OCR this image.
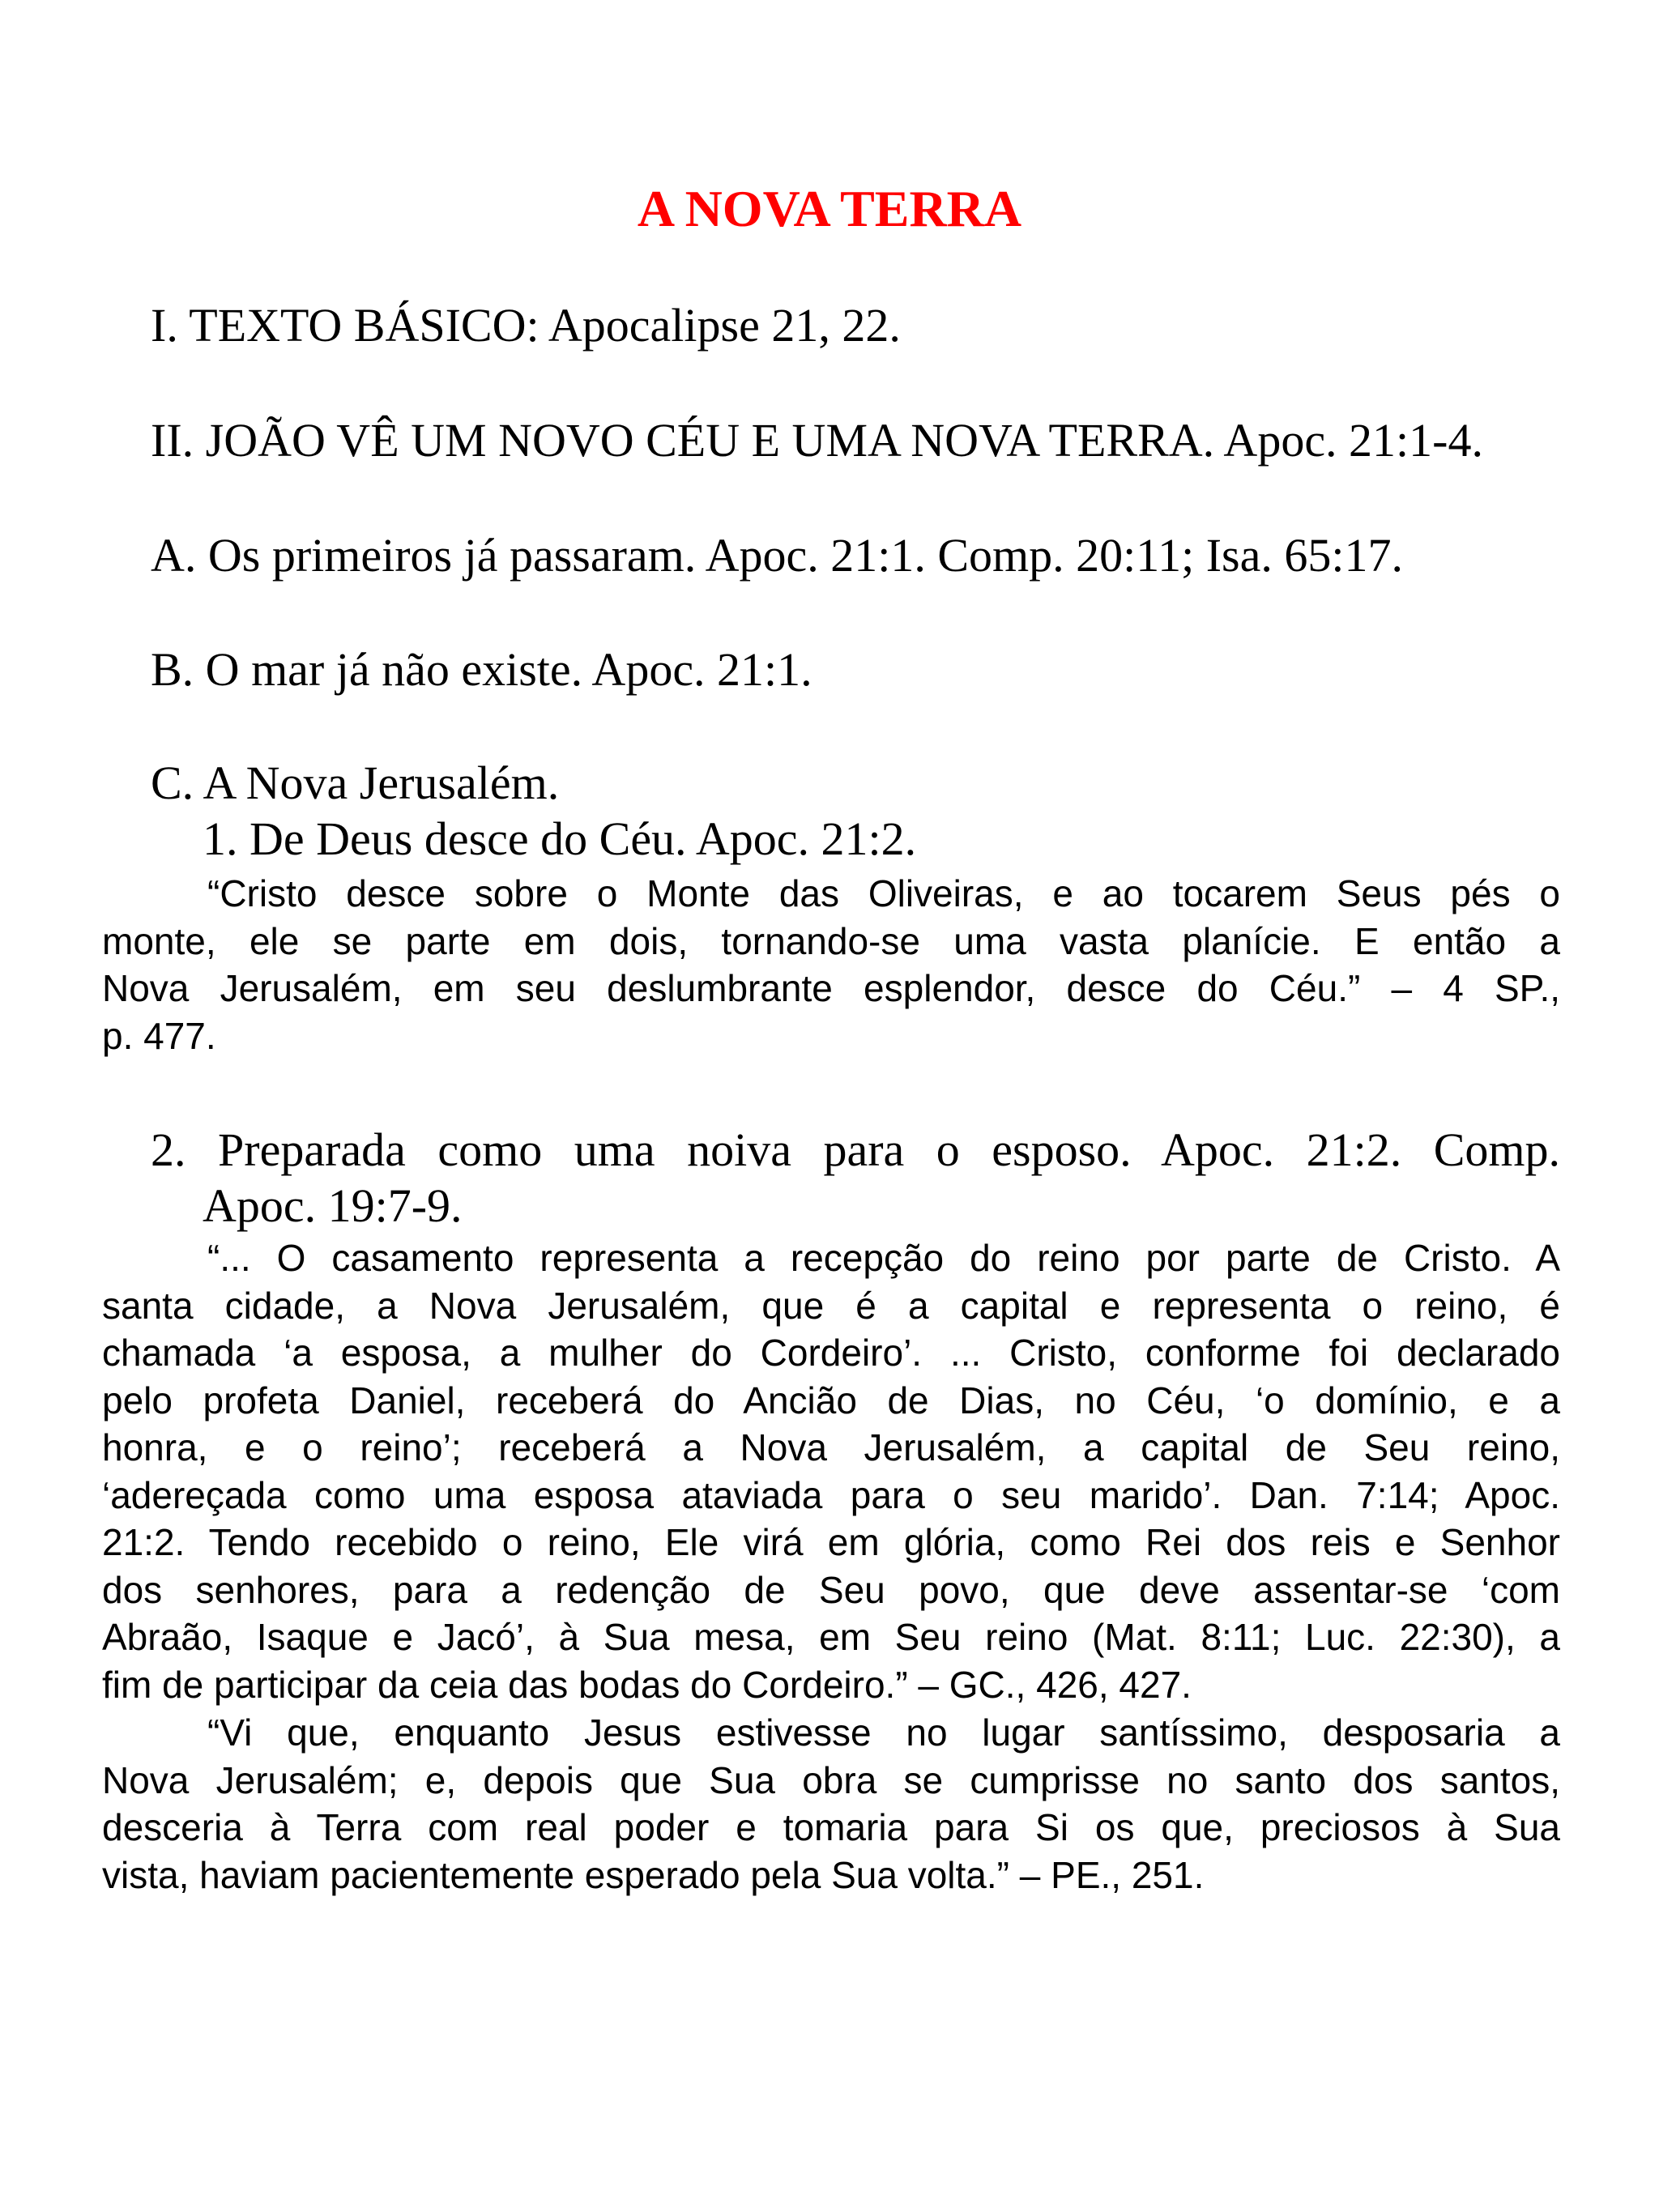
A NOVA TERRA

I. TEXTO BÁSICO: Apocalipse 21, 22.

II. JOÃO VÊ UM NOVO CÉU E UMA NOVA TERRA. Apoc. 21:1-4.

A. Os primeiros já passaram. Apoc. 21:1. Comp. 20:11; Isa. 65:17.

B. O mar já não existe. Apoc. 21:1.

C. A Nova Jerusalém.

1. De Deus desce do Céu. Apoc. 21:2.

“Cristo desce sobre o Monte das Oliveiras, e ao tocarem Seus pés o
monte, ele se parte em dois, tornando-se uma vasta planície. E então a
Nova Jerusalém, em seu deslumbrante esplendor, desce do Céu.” – 4 SP.,
p. 477.

2. Preparada como uma noiva para o esposo. Apoc. 21:2. Comp.

Apoc. 19:7-9.

“... O casamento representa a recepção do reino por parte de Cristo. A
santa cidade, a Nova Jerusalém, que é a capital e representa o reino, é
chamada ‘a esposa, a mulher do Cordeiro’. ... Cristo, conforme foi declarado
pelo profeta Daniel, receberá do Ancião de Dias, no Céu, ‘o domínio, e a
honra, e o reino’; receberá a Nova Jerusalém, a capital de Seu reino,
‘adereçada como uma esposa ataviada para o seu marido’. Dan. 7:14; Apoc.
21:2. Tendo recebido o reino, Ele virá em glória, como Rei dos reis e Senhor
dos senhores, para a redenção de Seu povo, que deve assentar-se ‘com
Abraão, Isaque e Jacó’, à Sua mesa, em Seu reino (Mat. 8:11; Luc. 22:30), a
fim de participar da ceia das bodas do Cordeiro.” – GC., 426, 427.
“Vi que, enquanto Jesus estivesse no lugar santíssimo, desposaria a
Nova Jerusalém; e, depois que Sua obra se cumprisse no santo dos santos,
desceria à Terra com real poder e tomaria para Si os que, preciosos à Sua
vista, haviam pacientemente esperado pela Sua volta.” – PE., 251.
